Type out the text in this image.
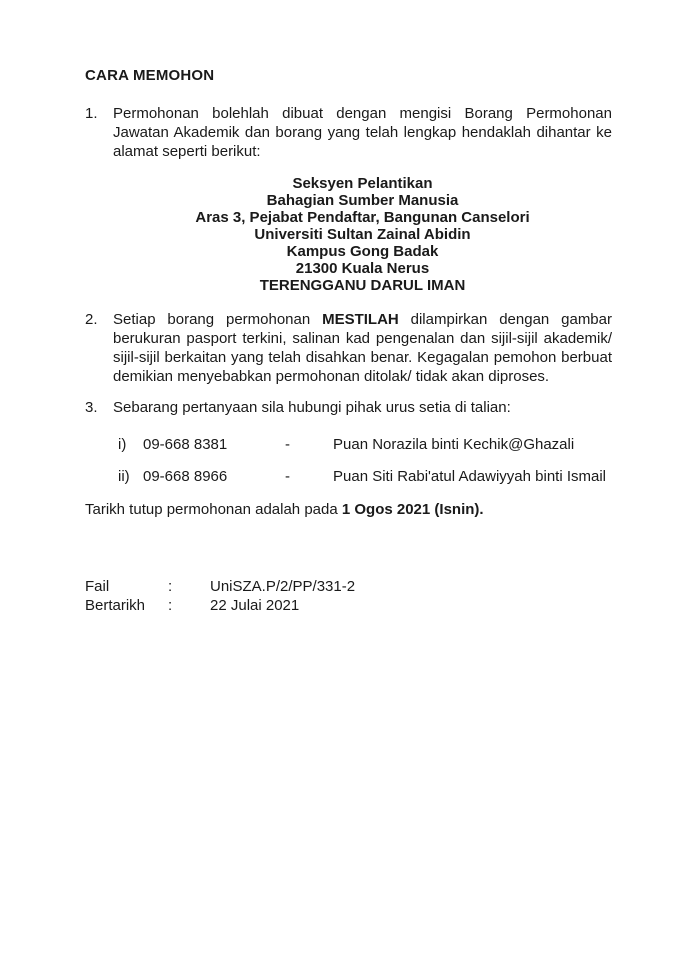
CARA MEMOHON
1.	Permohonan bolehlah dibuat dengan mengisi Borang Permohonan Jawatan Akademik dan borang yang telah lengkap hendaklah dihantar ke alamat seperti berikut:
Seksyen Pelantikan
Bahagian Sumber Manusia
Aras 3, Pejabat Pendaftar, Bangunan Canselori
Universiti Sultan Zainal Abidin
Kampus Gong Badak
21300 Kuala Nerus
TERENGGANU DARUL IMAN
2.	Setiap borang permohonan MESTILAH dilampirkan dengan gambar berukuran pasport terkini, salinan kad pengenalan dan sijil-sijil akademik/ sijil-sijil berkaitan yang telah disahkan benar. Kegagalan pemohon berbuat demikian menyebabkan permohonan ditolak/ tidak akan diproses.
3.	Sebarang pertanyaan sila hubungi pihak urus setia di talian:
i)	09-668 8381	-	Puan Norazila binti Kechik@Ghazali
ii) 09-668 8966	-	Puan Siti Rabi'atul Adawiyyah binti Ismail
Tarikh tutup permohonan adalah pada 1 Ogos 2021 (Isnin).
Fail	:	UniSZA.P/2/PP/331-2
Bertarikh	:	22 Julai 2021
